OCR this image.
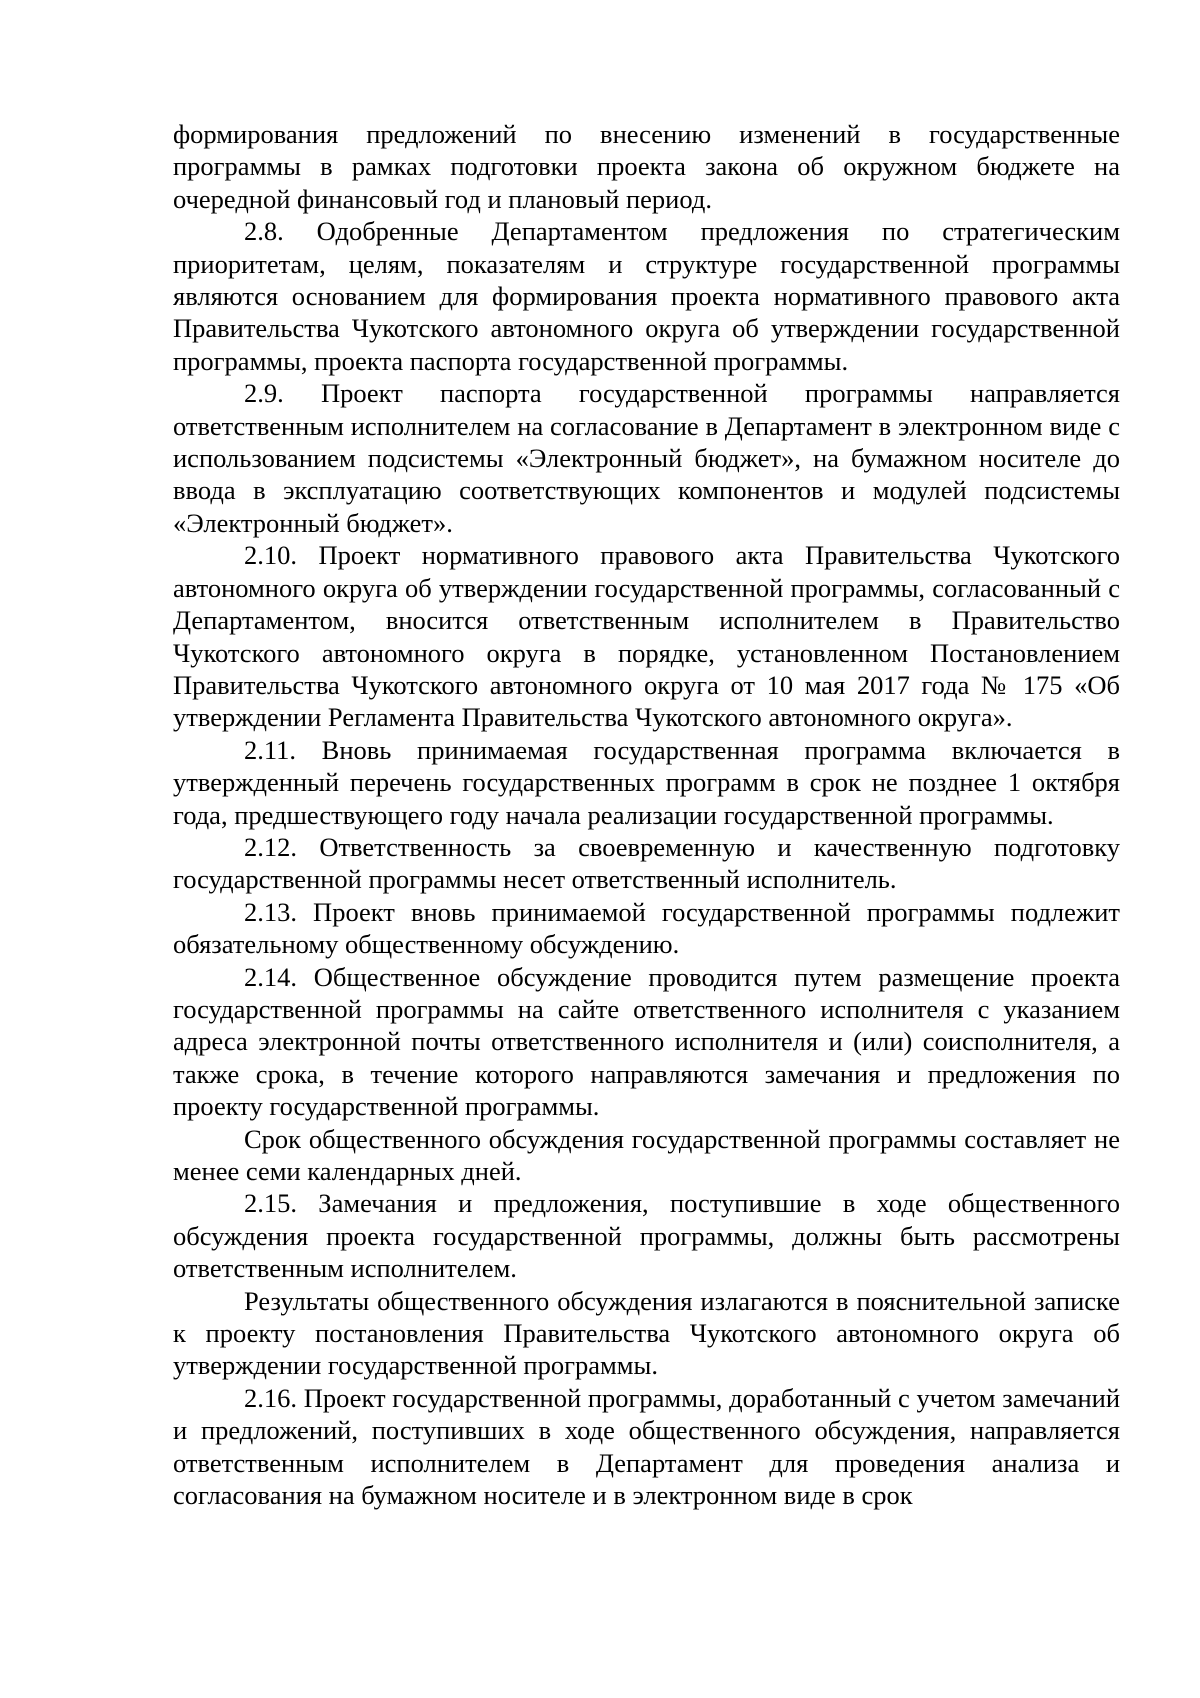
формирования предложений по внесению изменений в государственные программы в рамках подготовки проекта закона об окружном бюджете на очередной финансовый год и плановый период.

2.8. Одобренные Департаментом предложения по стратегическим приоритетам, целям, показателям и структуре государственной программы являются основанием для формирования проекта нормативного правового акта Правительства Чукотского автономного округа об утверждении государственной программы, проекта паспорта государственной программы.

2.9. Проект паспорта государственной программы направляется ответственным исполнителем на согласование в Департамент в электронном виде с использованием подсистемы «Электронный бюджет», на бумажном носителе до ввода в эксплуатацию соответствующих компонентов и модулей подсистемы «Электронный бюджет».

2.10. Проект нормативного правового акта Правительства Чукотского автономного округа об утверждении государственной программы, согласованный с Департаментом, вносится ответственным исполнителем в Правительство Чукотского автономного округа в порядке, установленном Постановлением Правительства Чукотского автономного округа от 10 мая 2017 года № 175 «Об утверждении Регламента Правительства Чукотского автономного округа».

2.11. Вновь принимаемая государственная программа включается в утвержденный перечень государственных программ в срок не позднее 1 октября года, предшествующего году начала реализации государственной программы.

2.12. Ответственность за своевременную и качественную подготовку государственной программы несет ответственный исполнитель.

2.13. Проект вновь принимаемой государственной программы подлежит обязательному общественному обсуждению.

2.14. Общественное обсуждение проводится путем размещение проекта государственной программы на сайте ответственного исполнителя с указанием адреса электронной почты ответственного исполнителя и (или) соисполнителя, а также срока, в течение которого направляются замечания и предложения по проекту государственной программы.

Срок общественного обсуждения государственной программы составляет не менее семи календарных дней.

2.15. Замечания и предложения, поступившие в ходе общественного обсуждения проекта государственной программы, должны быть рассмотрены ответственным исполнителем.

Результаты общественного обсуждения излагаются в пояснительной записке к проекту постановления Правительства Чукотского автономного округа об утверждении государственной программы.

2.16. Проект государственной программы, доработанный с учетом замечаний и предложений, поступивших в ходе общественного обсуждения, направляется ответственным исполнителем в Департамент для проведения анализа и согласования на бумажном носителе и в электронном виде в срок
